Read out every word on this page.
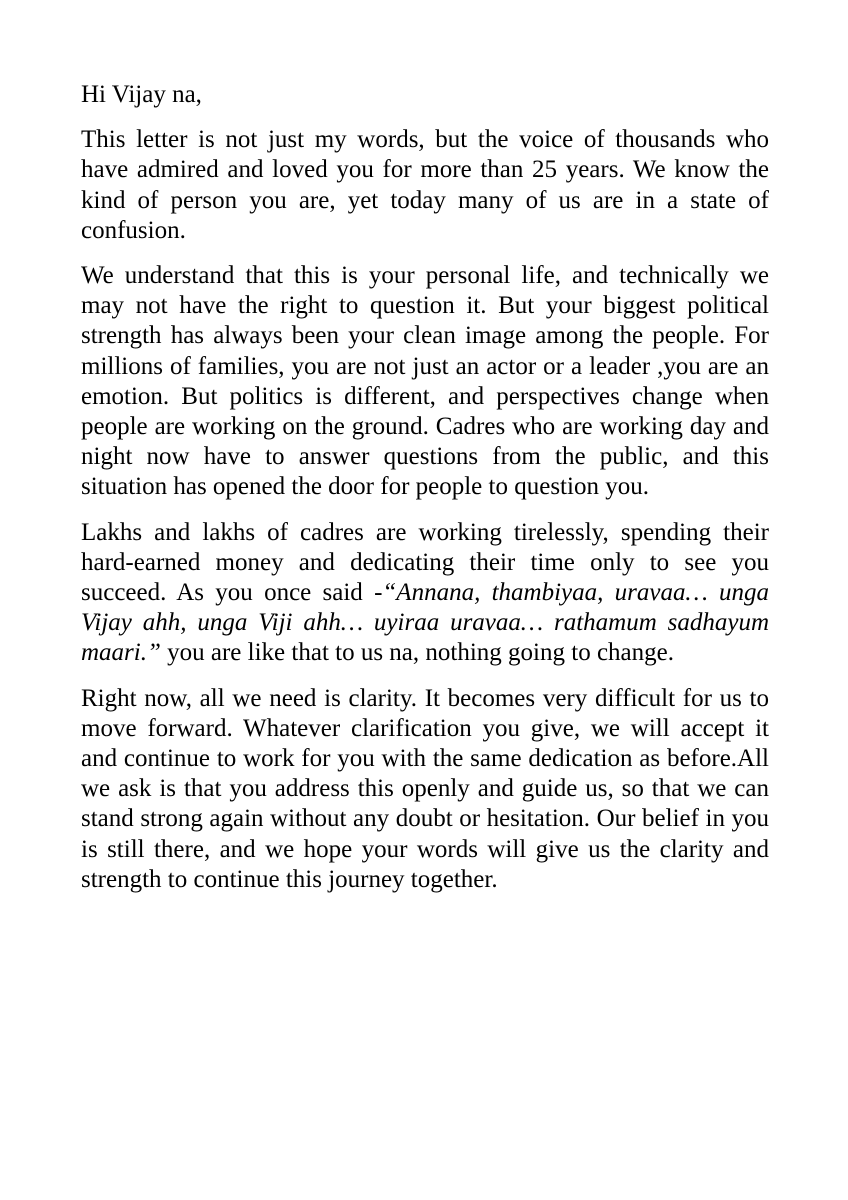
Hi Vijay na,

This letter is not just my words, but the voice of thousands who have admired and loved you for more than 25 years. We know the kind of person you are, yet today many of us are in a state of confusion.

We understand that this is your personal life, and technically we may not have the right to question it. But your biggest political strength has always been your clean image among the people. For millions of families, you are not just an actor or a leader ,you are an emotion. But politics is different, and perspectives change when people are working on the ground. Cadres who are working day and night now have to answer questions from the public, and this situation has opened the door for people to question you.

Lakhs and lakhs of cadres are working tirelessly, spending their hard-earned money and dedicating their time only to see you succeed. As you once said -“Annana, thambiyaa, uravaa… unga Vijay ahh, unga Viji ahh… uyiraa uravaa… rathamum sadhayum maari.” you are like that to us na, nothing going to change.

Right now, all we need is clarity. It becomes very difficult for us to move forward. Whatever clarification you give, we will accept it and continue to work for you with the same dedication as before.All we ask is that you address this openly and guide us, so that we can stand strong again without any doubt or hesitation. Our belief in you is still there, and we hope your words will give us the clarity and strength to continue this journey together.
